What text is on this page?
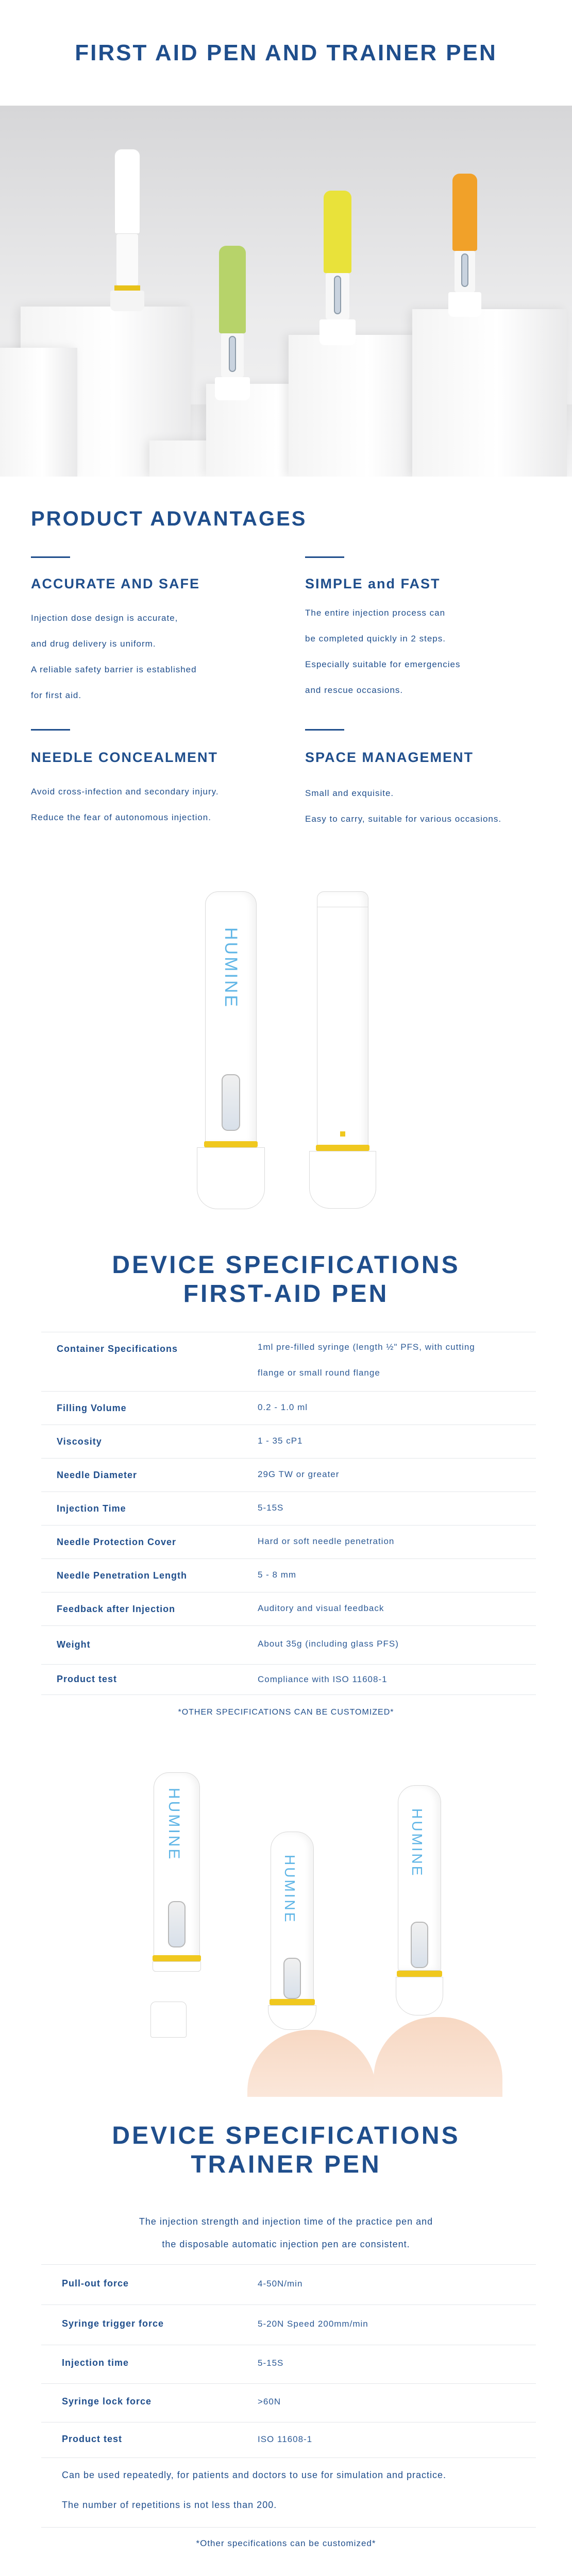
FIRST AID PEN AND TRAINER PEN
PRODUCT ADVANTAGES
ACCURATE AND SAFE
Injection dose design is accurate,
and drug delivery is uniform.
A reliable safety barrier is established
for first aid.
SIMPLE and FAST
The entire injection process can
be completed quickly in 2 steps.
Especially suitable for emergencies
and rescue occasions.
NEEDLE CONCEALMENT
Avoid cross-infection and secondary injury.
Reduce the fear of autonomous injection.
SPACE MANAGEMENT
Small and exquisite.
Easy to carry, suitable for various occasions.
HUMINE
DEVICE SPECIFICATIONS
FIRST-AID PEN
Container Specifications	1ml pre-filled syringe (length ½" PFS, with cutting
flange or small round flange
Filling Volume	0.2 - 1.0 ml
Viscosity	1 - 35 cP1
Needle Diameter	29G TW or greater
Injection Time	5-15S
Needle Protection Cover	Hard or soft needle penetration
Needle Penetration Length	5 - 8 mm
Feedback after Injection	Auditory and visual feedback
Weight	About 35g (including glass PFS)
Product test	Compliance with ISO 11608-1
*OTHER SPECIFICATIONS CAN BE CUSTOMIZED*
HUMINE
HUMINE
HUMINE
DEVICE SPECIFICATIONS
TRAINER PEN
The injection strength and injection time of the practice pen and
the disposable automatic injection pen are consistent.
Pull-out force	4-50N/min
Syringe trigger force	5-20N Speed 200mm/min
Injection time	5-15S
Syringe lock force	>60N
Product test	ISO 11608-1
Can be used repeatedly, for patients and doctors to use for simulation and practice.
The number of repetitions is not less than 200.
*Other specifications can be customized*
